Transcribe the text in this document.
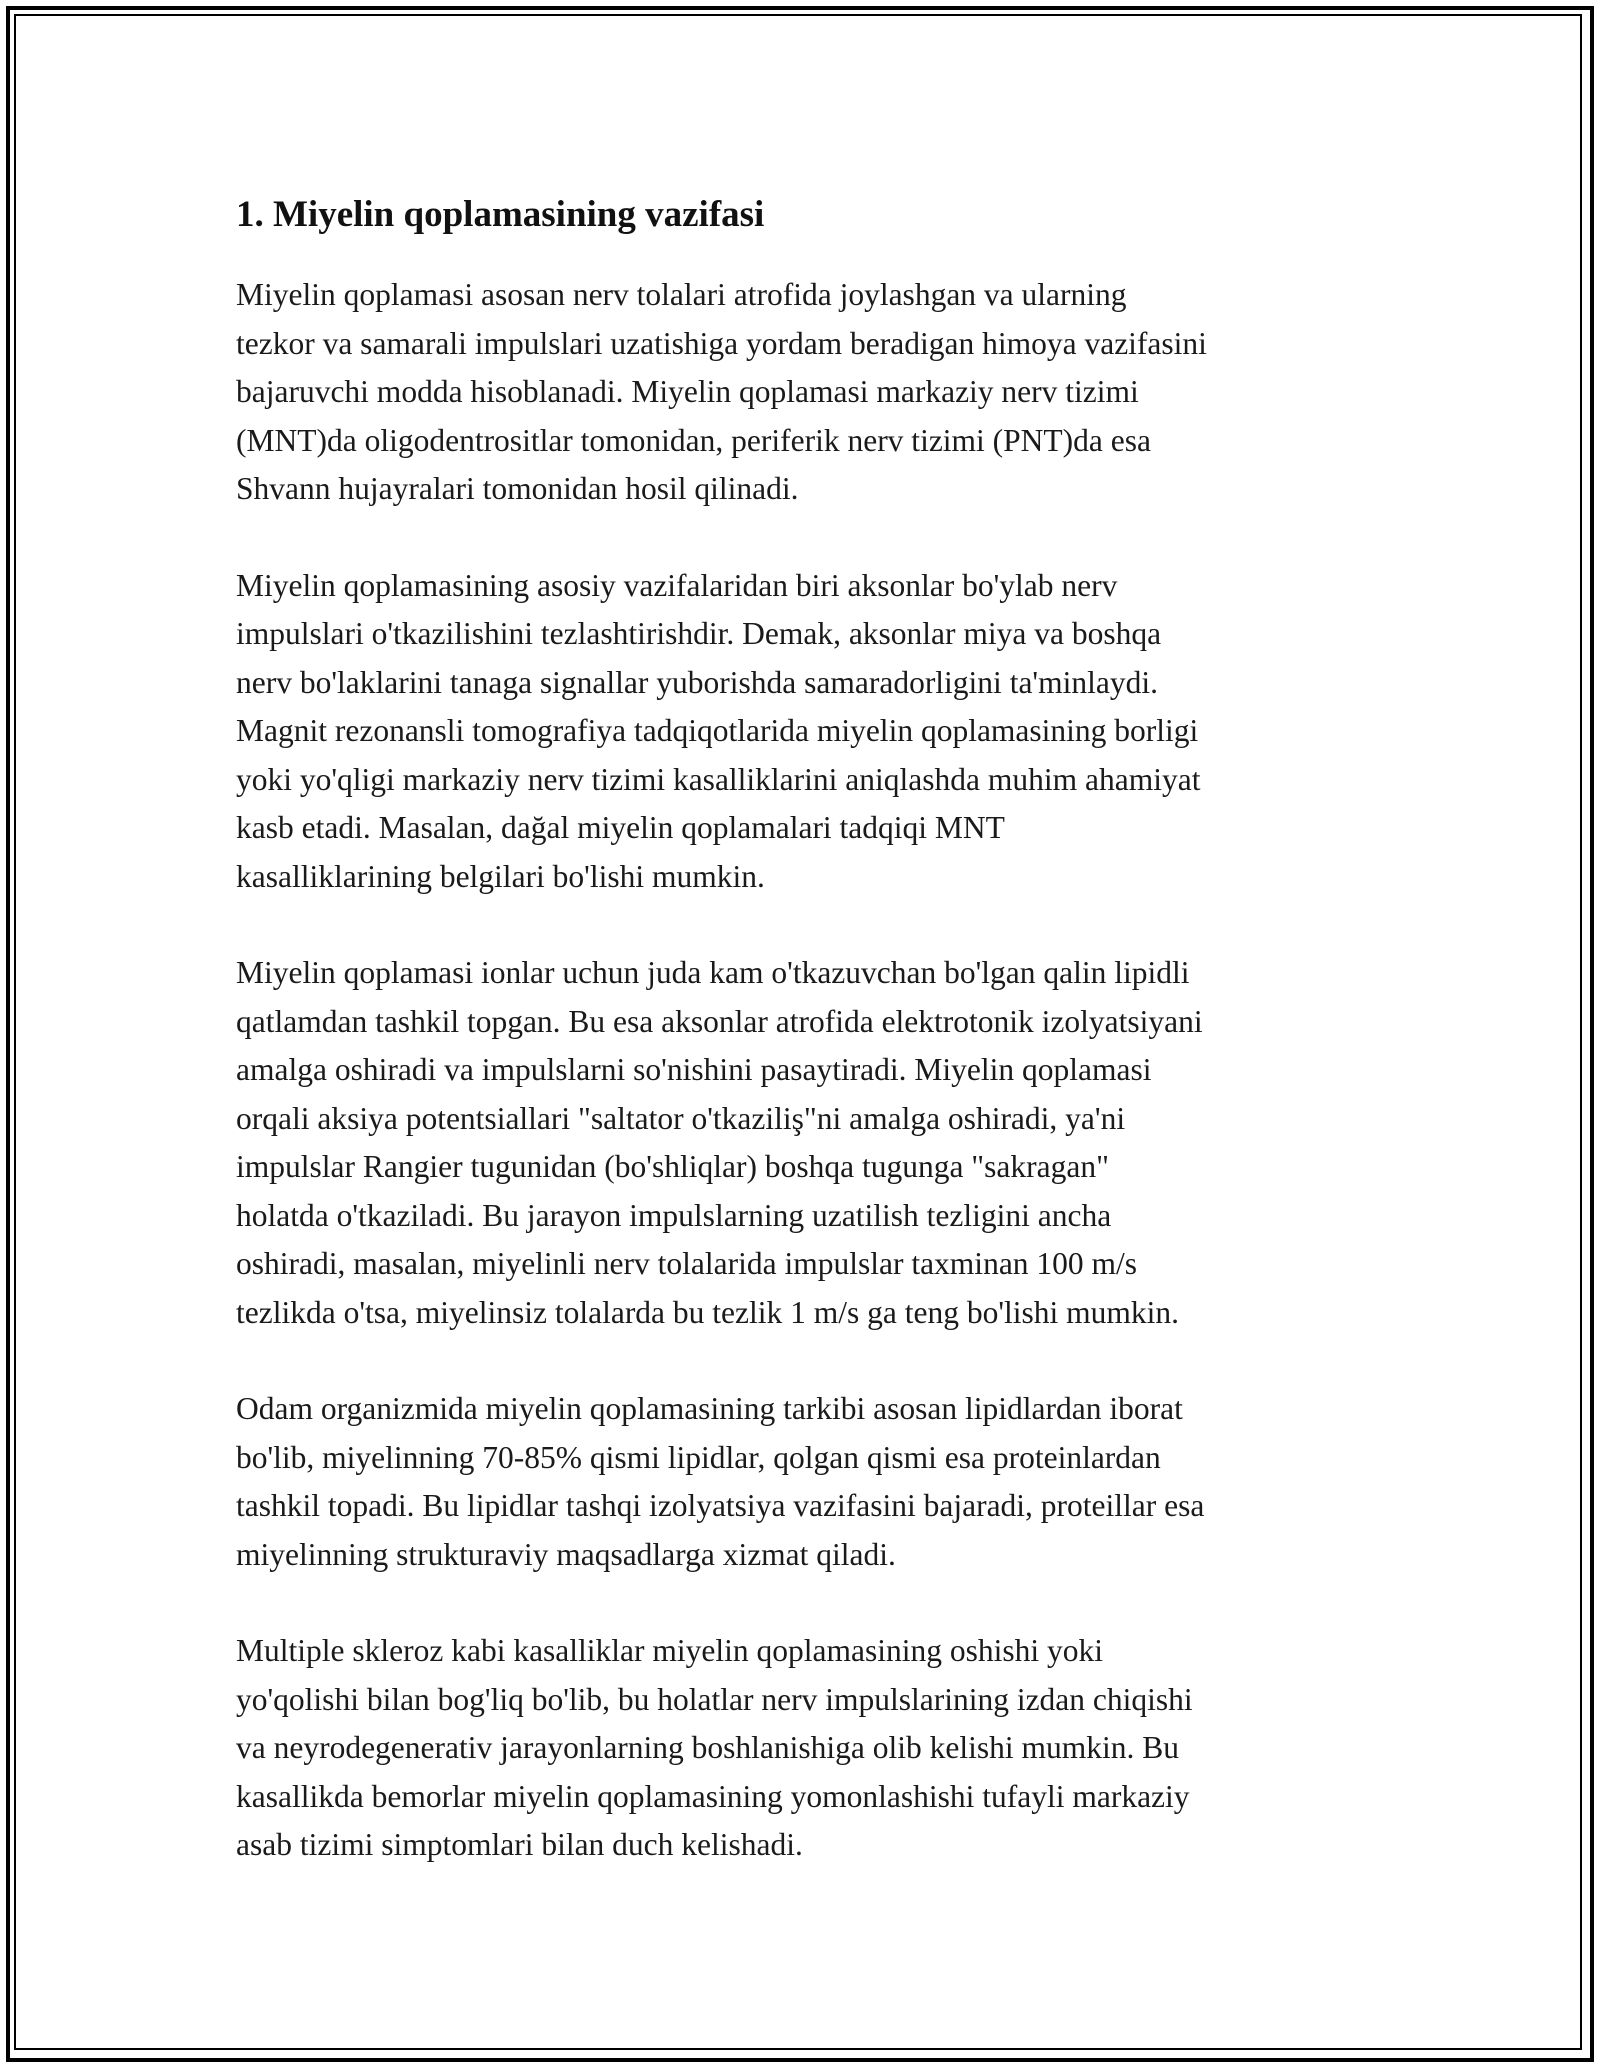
1. Miyelin qoplamasining vazifasi

Miyelin qoplamasi asosan nerv tolalari atrofida joylashgan va ularning
tezkor va samarali impulslari uzatishiga yordam beradigan himoya vazifasini
bajaruvchi modda hisoblanadi. Miyelin qoplamasi markaziy nerv tizimi
(MNT)da oligodentrositlar tomonidan, periferik nerv tizimi (PNT)da esa
Shvann hujayralari tomonidan hosil qilinadi.

Miyelin qoplamasining asosiy vazifalaridan biri aksonlar bo'ylab nerv
impulslari o'tkazilishini tezlashtirishdir. Demak, aksonlar miya va boshqa
nerv bo'laklarini tanaga signallar yuborishda samaradorligini ta'minlaydi.
Magnit rezonansli tomografiya tadqiqotlarida miyelin qoplamasining borligi
yoki yo'qligi markaziy nerv tizimi kasalliklarini aniqlashda muhim ahamiyat
kasb etadi. Masalan, dağal miyelin qoplamalari tadqiqi MNT
kasalliklarining belgilari bo'lishi mumkin.

Miyelin qoplamasi ionlar uchun juda kam o'tkazuvchan bo'lgan qalin lipidli
qatlamdan tashkil topgan. Bu esa aksonlar atrofida elektrotonik izolyatsiyani
amalga oshiradi va impulslarni so'nishini pasaytiradi. Miyelin qoplamasi
orqali aksiya potentsiallari "saltator o'tkaziliş"ni amalga oshiradi, ya'ni
impulslar Rangier tugunidan (bo'shliqlar) boshqa tugunga "sakragan"
holatda o'tkaziladi. Bu jarayon impulslarning uzatilish tezligini ancha
oshiradi, masalan, miyelinli nerv tolalarida impulslar taxminan 100 m/s
tezlikda o'tsa, miyelinsiz tolalarda bu tezlik 1 m/s ga teng bo'lishi mumkin.

Odam organizmida miyelin qoplamasining tarkibi asosan lipidlardan iborat
bo'lib, miyelinning 70-85% qismi lipidlar, qolgan qismi esa proteinlardan
tashkil topadi. Bu lipidlar tashqi izolyatsiya vazifasini bajaradi, proteillar esa
miyelinning strukturaviy maqsadlarga xizmat qiladi.

Multiple skleroz kabi kasalliklar miyelin qoplamasining oshishi yoki
yo'qolishi bilan bog'liq bo'lib, bu holatlar nerv impulslarining izdan chiqishi
va neyrodegenerativ jarayonlarning boshlanishiga olib kelishi mumkin. Bu
kasallikda bemorlar miyelin qoplamasining yomonlashishi tufayli markaziy
asab tizimi simptomlari bilan duch kelishadi.
